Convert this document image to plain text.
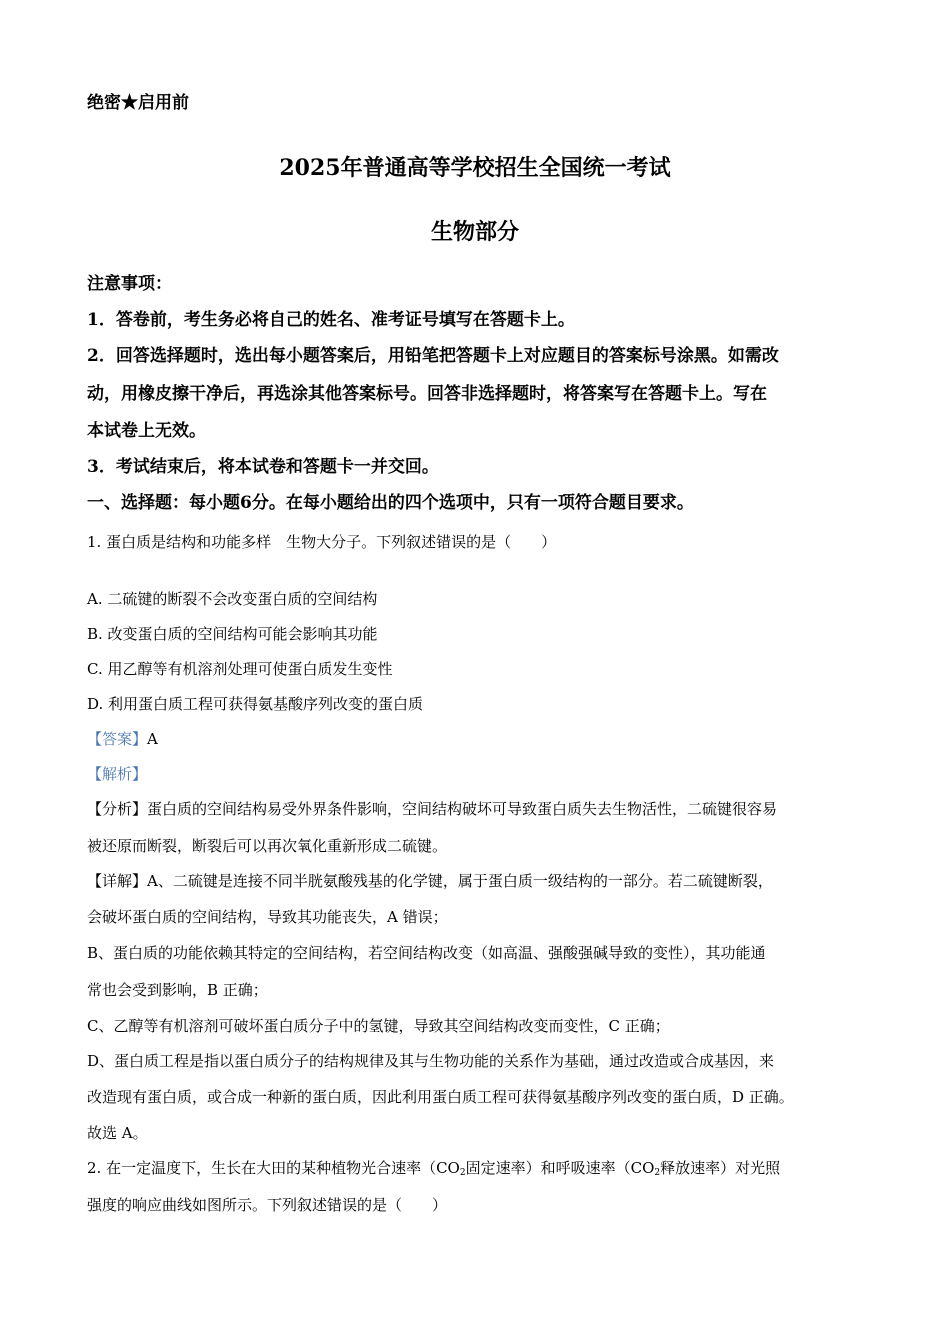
绝密★启用前
2025年普通高等学校招生全国统一考试
生物部分
注意事项：
1．答卷前，考生务必将自己的姓名、准考证号填写在答题卡上。
2．回答选择题时，选出每小题答案后，用铅笔把答题卡上对应题目的答案标号涂黑。如需改
动，用橡皮擦干净后，再选涂其他答案标号。回答非选择题时，将答案写在答题卡上。写在
本试卷上无效。
3．考试结束后，将本试卷和答题卡一并交回。
一、选择题：每小题6分。在每小题给出的四个选项中，只有一项符合题目要求。
1. 蛋白质是结构和功能多样　生物大分子。下列叙述错误的是（　　）
A. 二硫键的断裂不会改变蛋白质的空间结构
B. 改变蛋白质的空间结构可能会影响其功能
C. 用乙醇等有机溶剂处理可使蛋白质发生变性
D. 利用蛋白质工程可获得氨基酸序列改变的蛋白质
【答案】A
【解析】
【分析】蛋白质的空间结构易受外界条件影响，空间结构破坏可导致蛋白质失去生物活性，二硫键很容易
被还原而断裂，断裂后可以再次氧化重新形成二硫键。
【详解】A、二硫键是连接不同半胱氨酸残基的化学键，属于蛋白质一级结构的一部分。若二硫键断裂，
会破坏蛋白质的空间结构，导致其功能丧失，A 错误；
B、蛋白质的功能依赖其特定的空间结构，若空间结构改变（如高温、强酸强碱导致的变性），其功能通
常也会受到影响，B 正确；
C、乙醇等有机溶剂可破坏蛋白质分子中的氢键，导致其空间结构改变而变性，C 正确；
D、蛋白质工程是指以蛋白质分子的结构规律及其与生物功能的关系作为基础，通过改造或合成基因，来
改造现有蛋白质，或合成一种新的蛋白质，因此利用蛋白质工程可获得氨基酸序列改变的蛋白质，D 正确。
故选 A。
2. 在一定温度下，生长在大田的某种植物光合速率（$CO_2$固定速率）和呼吸速率（$CO_2$释放速率）对光照
强度的响应曲线如图所示。下列叙述错误的是（　　）
